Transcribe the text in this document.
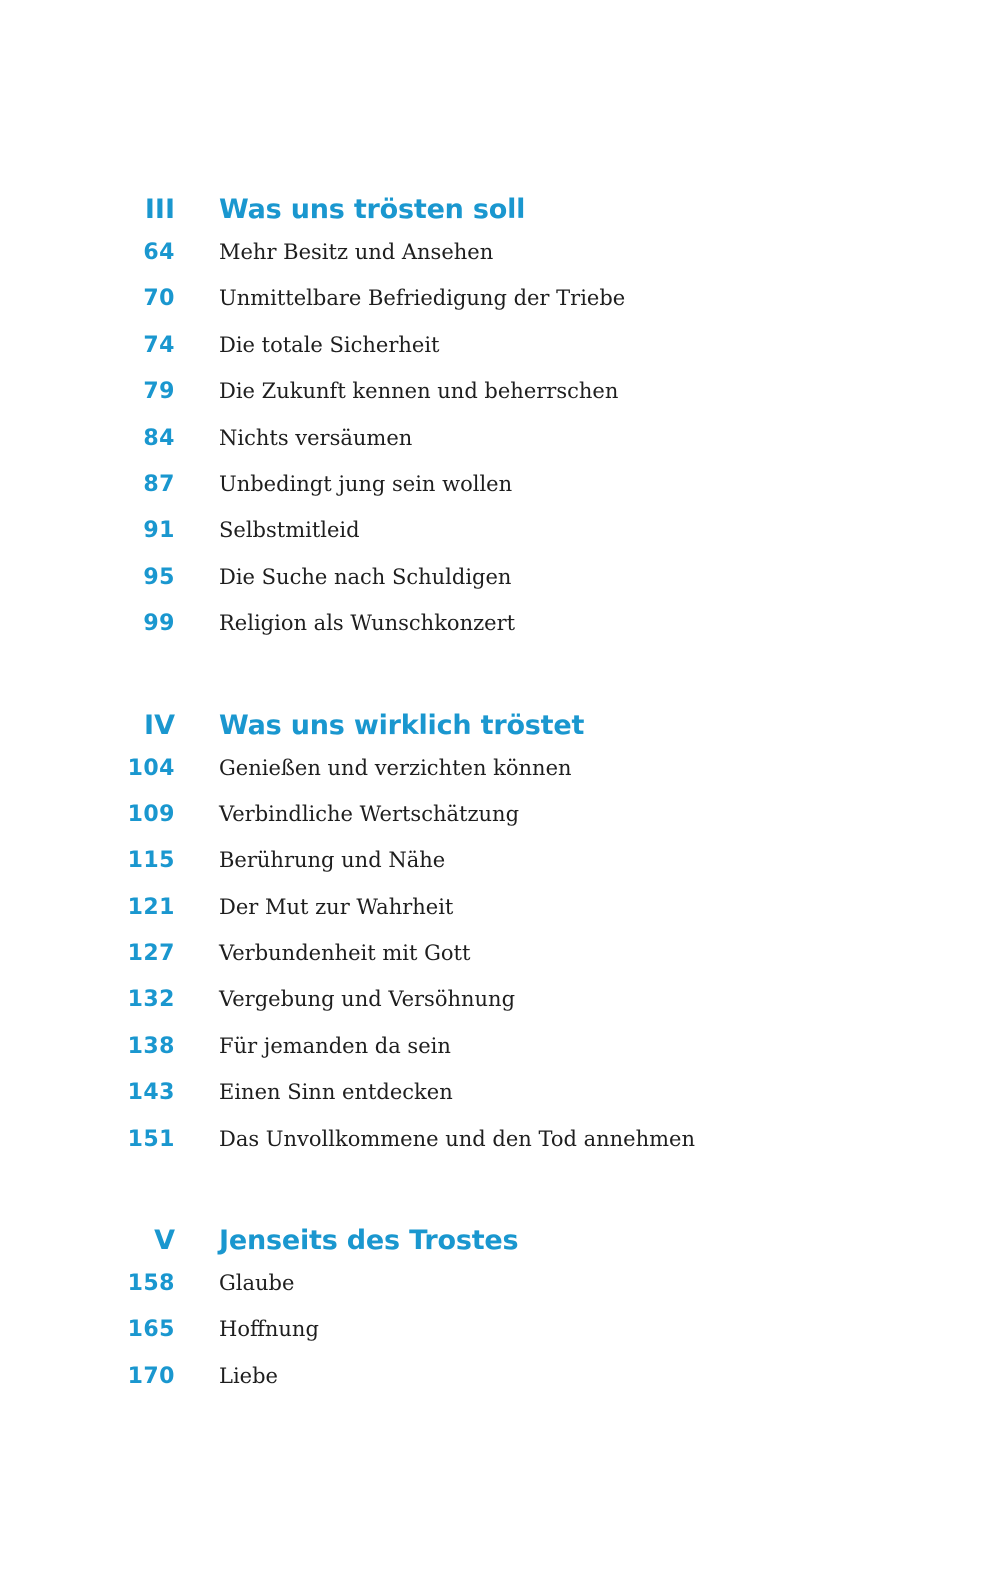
III Was uns trösten soll
64 Mehr Besitz und Ansehen
70 Unmittelbare Befriedigung der Triebe
74 Die totale Sicherheit
79 Die Zukunft kennen und beherrschen
84 Nichts versäumen
87 Unbedingt jung sein wollen
91 Selbstmitleid
95 Die Suche nach Schuldigen
99 Religion als Wunschkonzert
IV Was uns wirklich tröstet
104 Genießen und verzichten können
109 Verbindliche Wertschätzung
115 Berührung und Nähe
121 Der Mut zur Wahrheit
127 Verbundenheit mit Gott
132 Vergebung und Versöhnung
138 Für jemanden da sein
143 Einen Sinn entdecken
151 Das Unvollkommene und den Tod annehmen
V Jenseits des Trostes
158 Glaube
165 Hoffnung
170 Liebe
